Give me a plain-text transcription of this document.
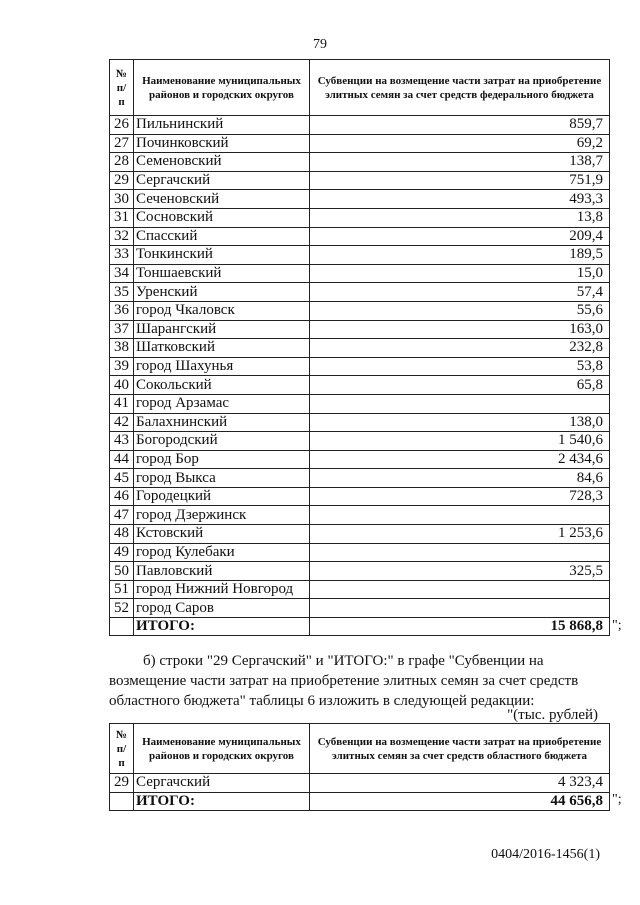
79
№ п/п	Наименование муниципальных районов и городских округов	Субвенции на возмещение части затрат на приобретение элитных семян за счет средств федерального бюджета
26	Пильнинский	859,7
27	Починковский	69,2
28	Семеновский	138,7
29	Сергачский	751,9
30	Сеченовский	493,3
31	Сосновский	13,8
32	Спасский	209,4
33	Тонкинский	189,5
34	Тоншаевский	15,0
35	Уренский	57,4
36	город Чкаловск	55,6
37	Шарангский	163,0
38	Шатковский	232,8
39	город Шахунья	53,8
40	Сокольский	65,8
41	город Арзамас	
42	Балахнинский	138,0
43	Богородский	1 540,6
44	город Бор	2 434,6
45	город Выкса	84,6
46	Городецкий	728,3
47	город Дзержинск	
48	Кстовский	1 253,6
49	город Кулебаки	
50	Павловский	325,5
51	город Нижний Новгород	
52	город Саров	
	ИТОГО:	15 868,8 ";
б) строки "29 Сергачский" и "ИТОГО:" в графе "Субвенции на
возмещение части затрат на приобретение элитных семян за счет средств
областного бюджета" таблицы 6 изложить в следующей редакции:
"(тыс. рублей)
№ п/п	Наименование муниципальных районов и городских округов	Субвенции на возмещение части затрат на приобретение элитных семян за счет средств областного бюджета
29	Сергачский	4 323,4
	ИТОГО:	44 656,8 ";
0404/2016-1456(1)
